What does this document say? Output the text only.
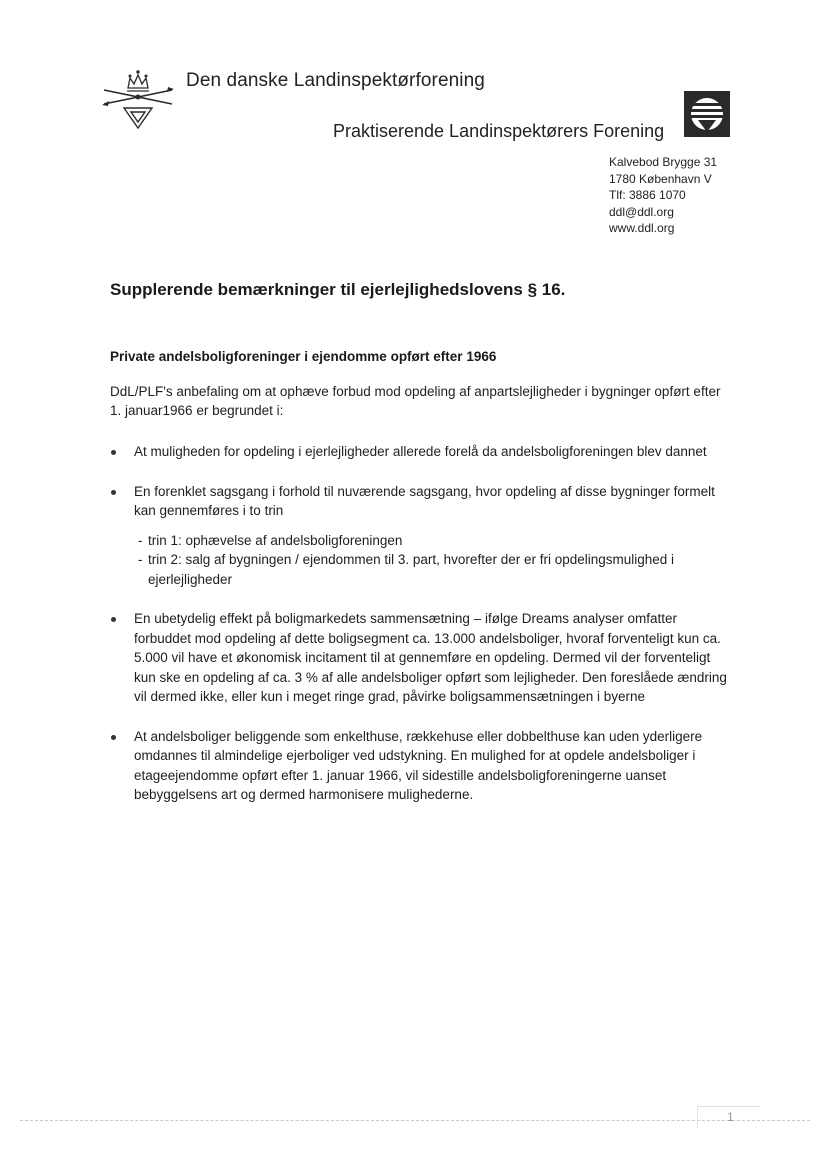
Den danske Landinspektørforening
Praktiserende Landinspektørers Forening
Kalvebod Brygge 31
1780 København V
Tlf: 3886 1070
ddl@ddl.org
www.ddl.org
Supplerende bemærkninger til ejerlejlighedslovens § 16.
Private andelsboligforeninger i ejendomme opført efter 1966
DdL/PLF's anbefaling om at ophæve forbud mod opdeling af anpartslejligheder i bygninger opført efter 1. januar1966 er begrundet i:
At muligheden for opdeling i ejerlejligheder allerede forelå da andelsboligforeningen blev dannet
En forenklet sagsgang i forhold til nuværende sagsgang, hvor opdeling af disse bygninger formelt kan gennemføres i to trin
- trin 1: ophævelse af andelsboligforeningen
- trin 2: salg af bygningen / ejendommen til 3. part, hvorefter der er fri opdelingsmulighed i ejerlejligheder
En ubetydelig effekt på boligmarkedets sammensætning – ifølge Dreams analyser omfatter forbuddet mod opdeling af dette boligsegment ca. 13.000 andelsboliger, hvoraf forventeligt kun ca. 5.000 vil have et økonomisk incitament til at gennemføre en opdeling. Dermed vil der forventeligt kun ske en opdeling af ca. 3 % af alle andelsboliger opført som lejligheder. Den foreslåede ændring vil dermed ikke, eller kun i meget ringe grad, påvirke boligsammensætningen i byerne
At andelsboliger beliggende som enkelthuse, rækkehuse eller dobbelthuse kan uden yderligere omdannes til almindelige ejerboliger ved udstykning. En mulighed for at opdele andelsboliger i etageejendomme opført efter 1. januar 1966, vil sidestille andelsboligforeningerne uanset bebyggelsens art og dermed harmonisere mulighederne.
1
